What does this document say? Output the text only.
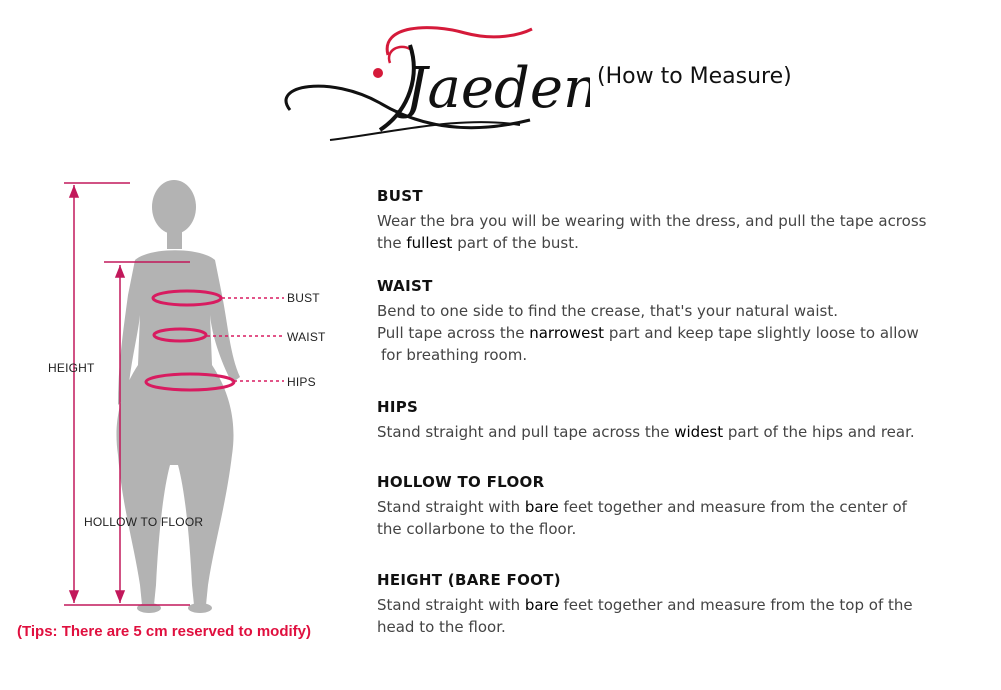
Jaeden
(How to Measure)
BUST
WAIST
HIPS
HEIGHT
HOLLOW TO FLOOR
(Tips: There are 5 cm reserved to modify)
BUST

Wear the bra you will be wearing with the dress, and pull the tape across
the fullest part of the bust.

WAIST

Bend to one side to find the crease, that's your natural waist.
Pull tape across the narrowest part and keep tape slightly loose to allow
for breathing room.

HIPS

Stand straight and pull tape across the widest part of the hips and rear.

HOLLOW TO FLOOR

Stand straight with bare feet together and measure from the center of
the collarbone to the floor.

HEIGHT (BARE FOOT)

Stand straight with bare feet together and measure from the top of the
head to the floor.
